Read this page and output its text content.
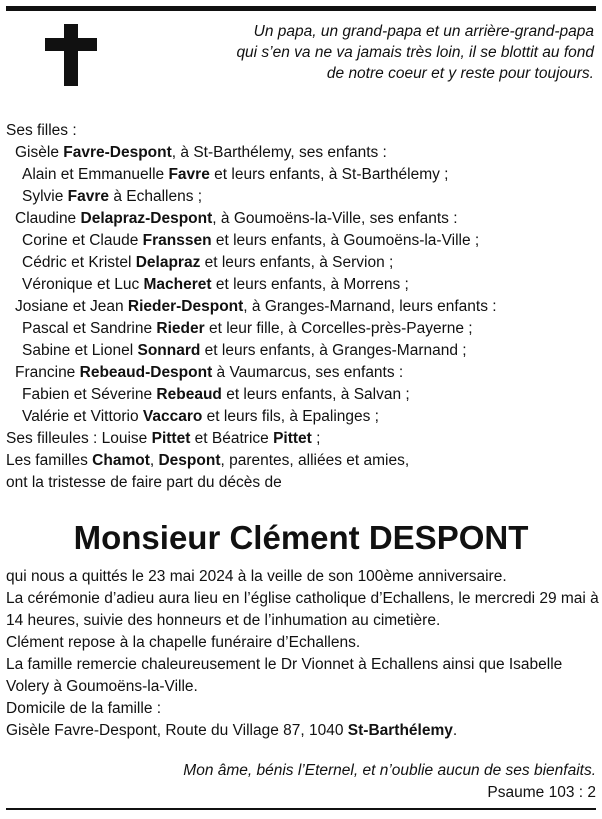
Un papa, un grand-papa et un arrière-grand-papa
qui s’en va ne va jamais très loin, il se blottit au fond
de notre coeur et y reste pour toujours.
Ses filles :
Gisèle Favre-Despont, à St-Barthélemy, ses enfants :
Alain et Emmanuelle Favre et leurs enfants, à St-Barthélemy ;
Sylvie Favre à Echallens ;
Claudine Delapraz-Despont, à Goumoëns-la-Ville, ses enfants :
Corine et Claude Franssen et leurs enfants, à Goumoëns-la-Ville ;
Cédric et Kristel Delapraz et leurs enfants, à Servion ;
Véronique et Luc Macheret et leurs enfants, à Morrens ;
Josiane et Jean Rieder-Despont, à Granges-Marnand, leurs enfants :
Pascal et Sandrine Rieder et leur fille, à Corcelles-près-Payerne ;
Sabine et Lionel Sonnard et leurs enfants, à Granges-Marnand ;
Francine Rebeaud-Despont à Vaumarcus, ses enfants :
Fabien et Séverine Rebeaud et leurs enfants, à Salvan ;
Valérie et Vittorio Vaccaro et leurs fils, à Epalinges ;
Ses filleules : Louise Pittet et Béatrice Pittet ;
Les familles Chamot, Despont, parentes, alliées et amies,
ont la tristesse de faire part du décès de
Monsieur Clément DESPONT
qui nous a quittés le 23 mai 2024 à la veille de son 100ème anniversaire.
La cérémonie d’adieu aura lieu en l’église catholique d’Echallens, le mercredi 29 mai à 14 heures, suivie des honneurs et de l’inhumation au cimetière.
Clément repose à la chapelle funéraire d’Echallens.
La famille remercie chaleureusement le Dr Vionnet à Echallens ainsi que Isabelle Volery à Goumoëns-la-Ville.
Domicile de la famille :
Gisèle Favre-Despont, Route du Village 87, 1040 St-Barthélemy.
Mon âme, bénis l’Eternel, et n’oublie aucun de ses bienfaits.
Psaume 103 : 2
